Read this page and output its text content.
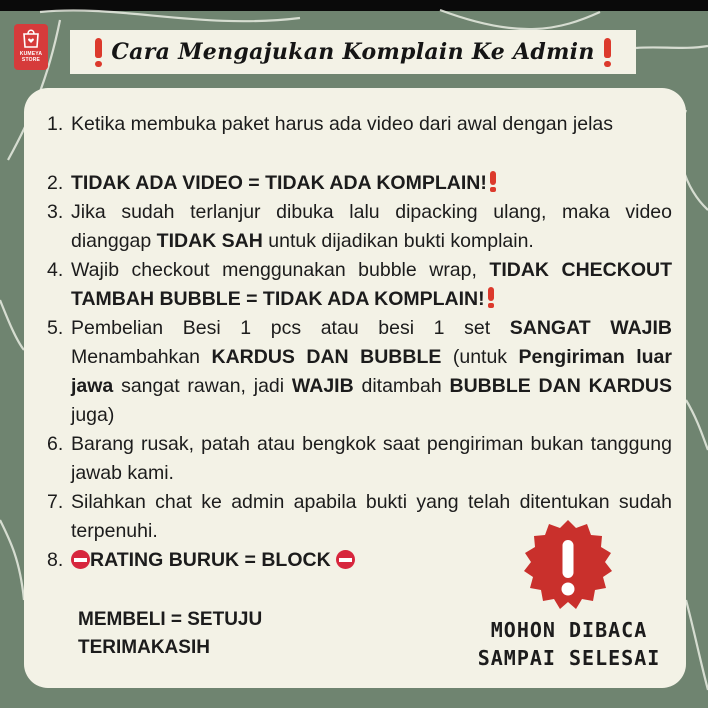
KUMEYA
STORE	Cara Mengajukan Komplain Ke Admin
1. Ketika membuka paket harus ada video dari awal dengan jelas
2. TIDAK ADA VIDEO = TIDAK ADA KOMPLAIN!
3. Jika sudah terlanjur dibuka lalu dipacking ulang, maka video dianggap TIDAK SAH untuk dijadikan bukti komplain.
4. Wajib checkout menggunakan bubble wrap, TIDAK CHECKOUT TAMBAH BUBBLE = TIDAK ADA KOMPLAIN!
5. Pembelian Besi 1 pcs atau besi 1 set SANGAT WAJIB Menambahkan KARDUS DAN BUBBLE (untuk Pengiriman luar jawa sangat rawan, jadi WAJIB ditambah BUBBLE DAN KARDUS juga)
6. Barang rusak, patah atau bengkok saat pengiriman bukan tanggung jawab kami.
7. Silahkan chat ke admin apabila bukti yang telah ditentukan sudah terpenuhi.
8.	RATING BURUK = BLOCK
MEMBELI = SETUJU
TERIMAKASIH
MOHON DIBACA
SAMPAI SELESAI
